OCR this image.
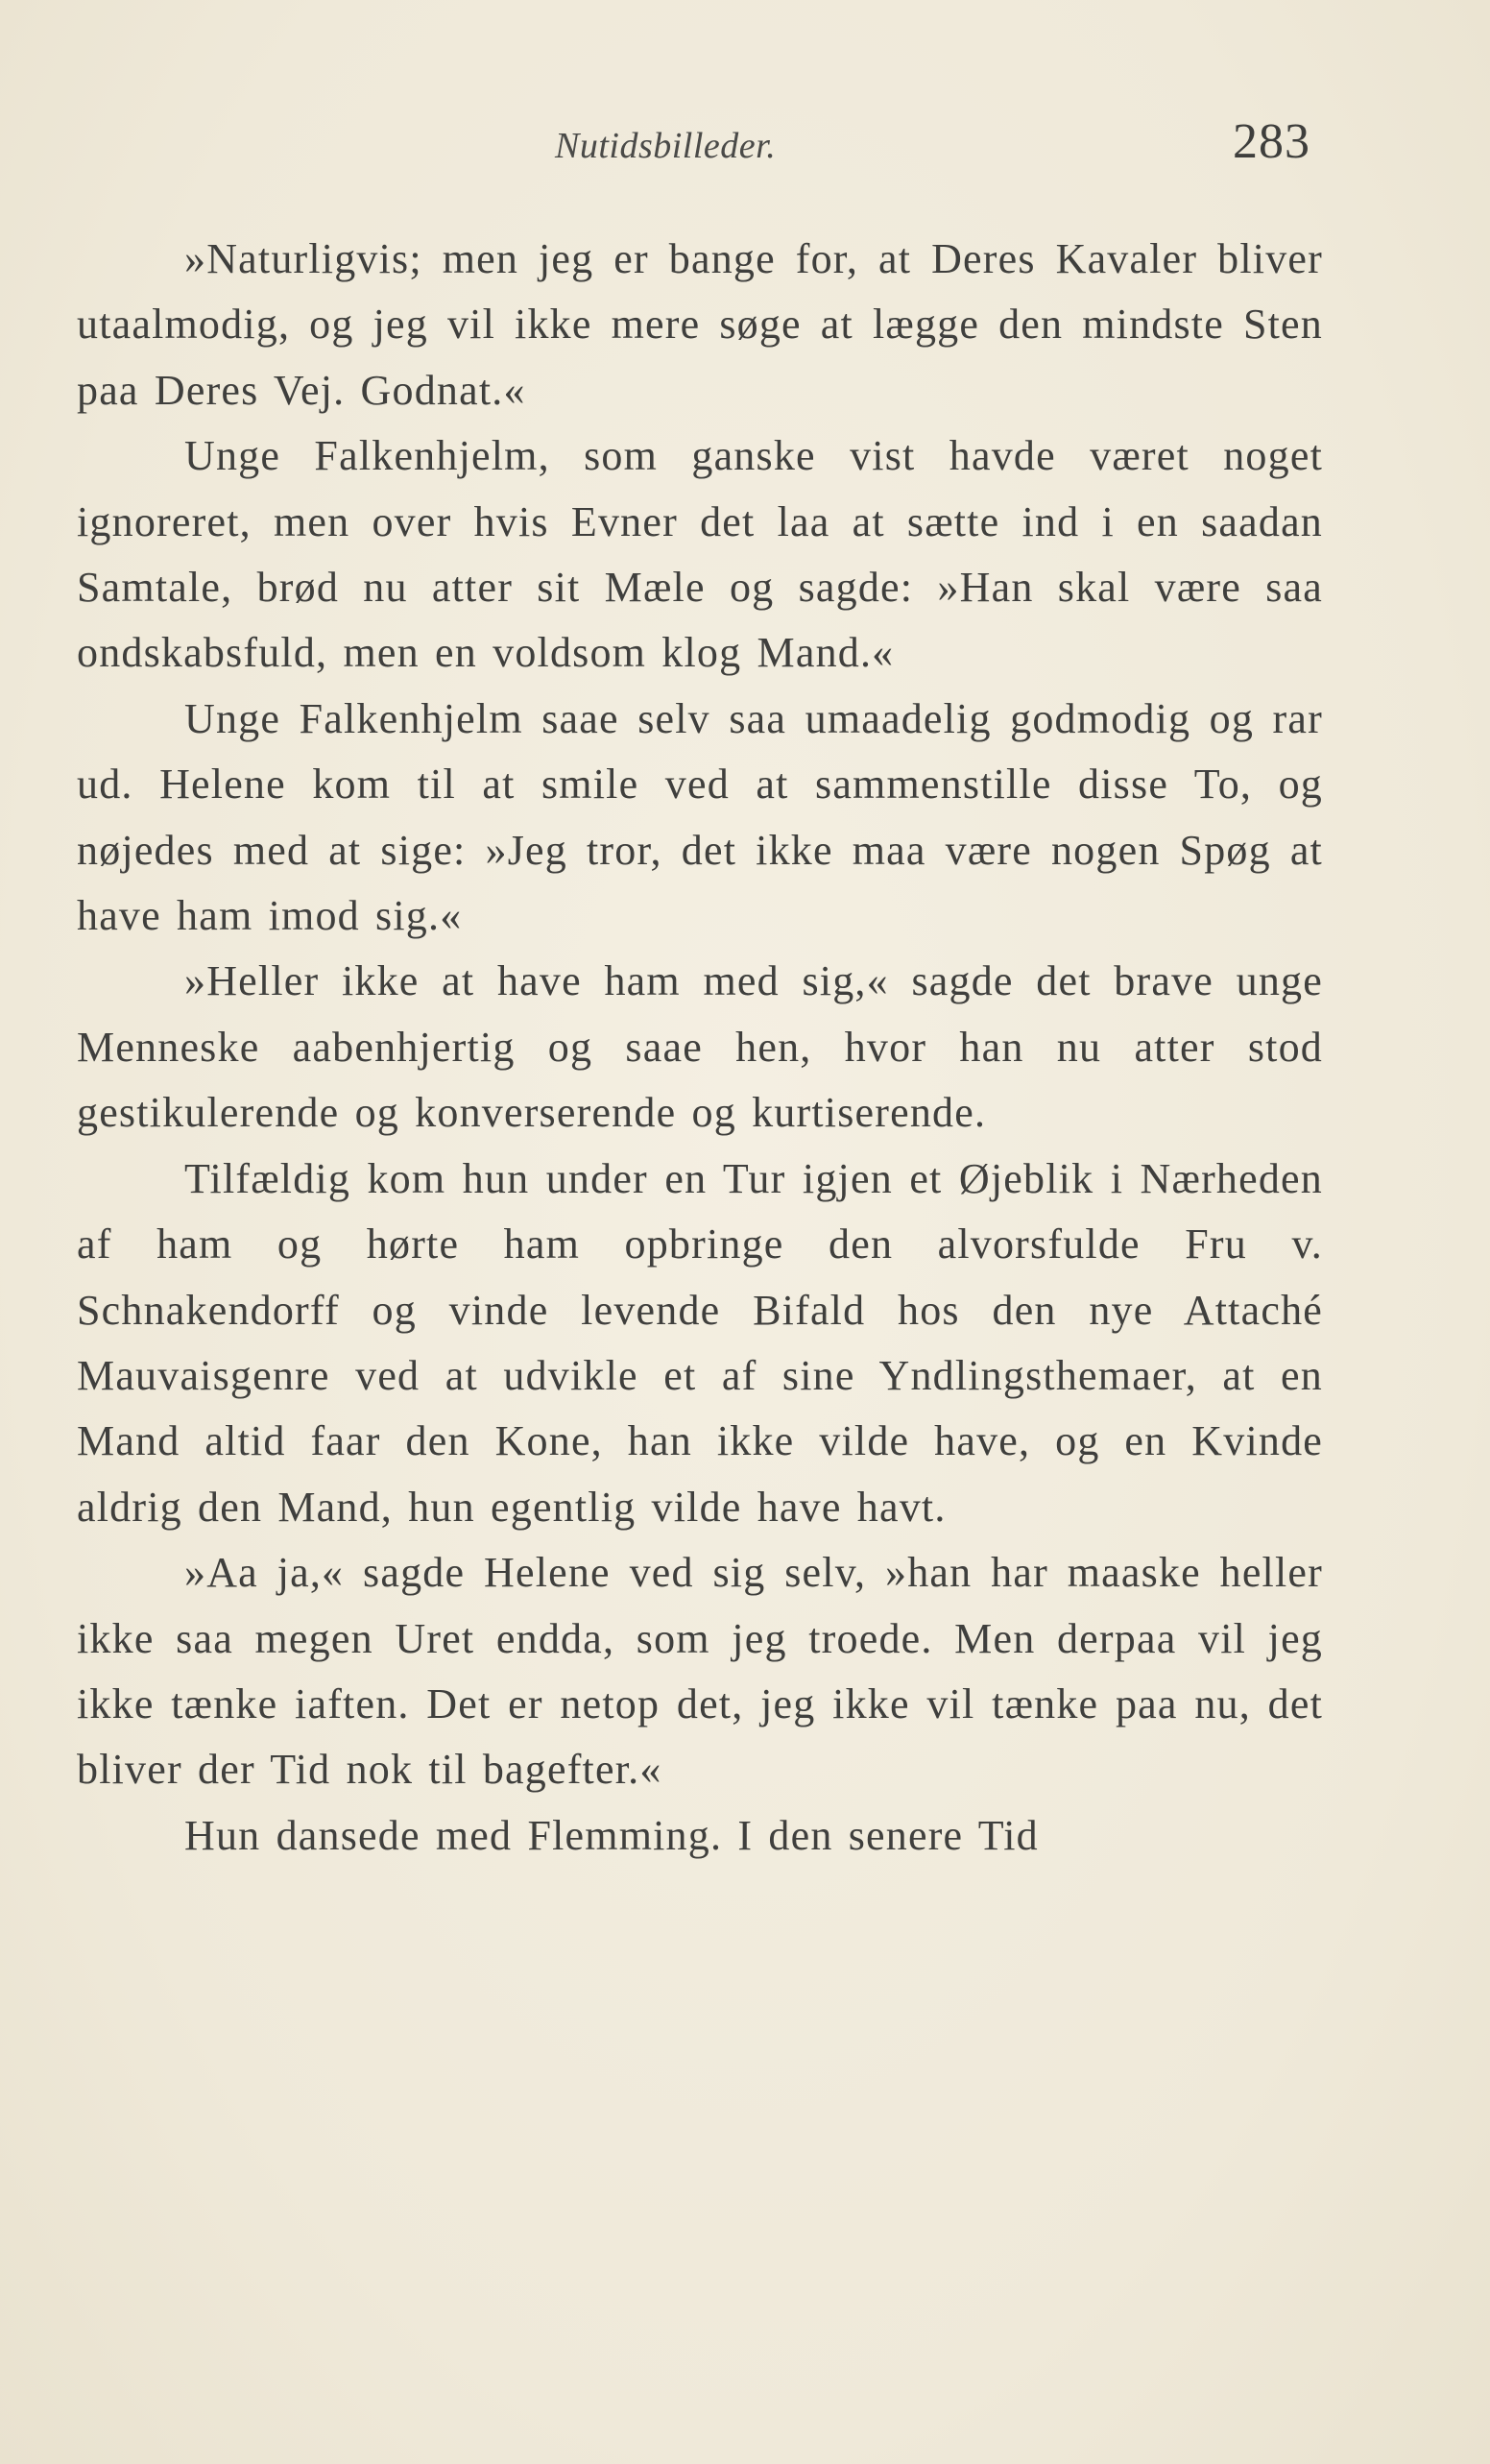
Nutidsbilleder.	283

»Naturligvis; men jeg er bange for, at Deres Kavaler bliver utaalmodig, og jeg vil ikke mere søge at lægge den mindste Sten paa Deres Vej. Godnat.«

Unge Falkenhjelm, som ganske vist havde været noget ignoreret, men over hvis Evner det laa at sætte ind i en saadan Samtale, brød nu atter sit Mæle og sagde: »Han skal være saa ondskabsfuld, men en voldsom klog Mand.«

Unge Falkenhjelm saae selv saa umaadelig godmodig og rar ud. Helene kom til at smile ved at sammenstille disse To, og nøjedes med at sige: »Jeg tror, det ikke maa være nogen Spøg at have ham imod sig.«

»Heller ikke at have ham med sig,« sagde det brave unge Menneske aabenhjertig og saae hen, hvor han nu atter stod gestikulerende og konverserende og kurtiserende.

Tilfældig kom hun under en Tur igjen et Øjeblik i Nærheden af ham og hørte ham opbringe den alvorsfulde Fru v. Schnakendorff og vinde levende Bifald hos den nye Attaché Mauvaisgenre ved at udvikle et af sine Yndlingsthemaer, at en Mand altid faar den Kone, han ikke vilde have, og en Kvinde aldrig den Mand, hun egentlig vilde have havt.

»Aa ja,« sagde Helene ved sig selv, »han har maaske heller ikke saa megen Uret endda, som jeg troede. Men derpaa vil jeg ikke tænke iaften. Det er netop det, jeg ikke vil tænke paa nu, det bliver der Tid nok til bagefter.«

Hun dansede med Flemming. I den senere Tid
